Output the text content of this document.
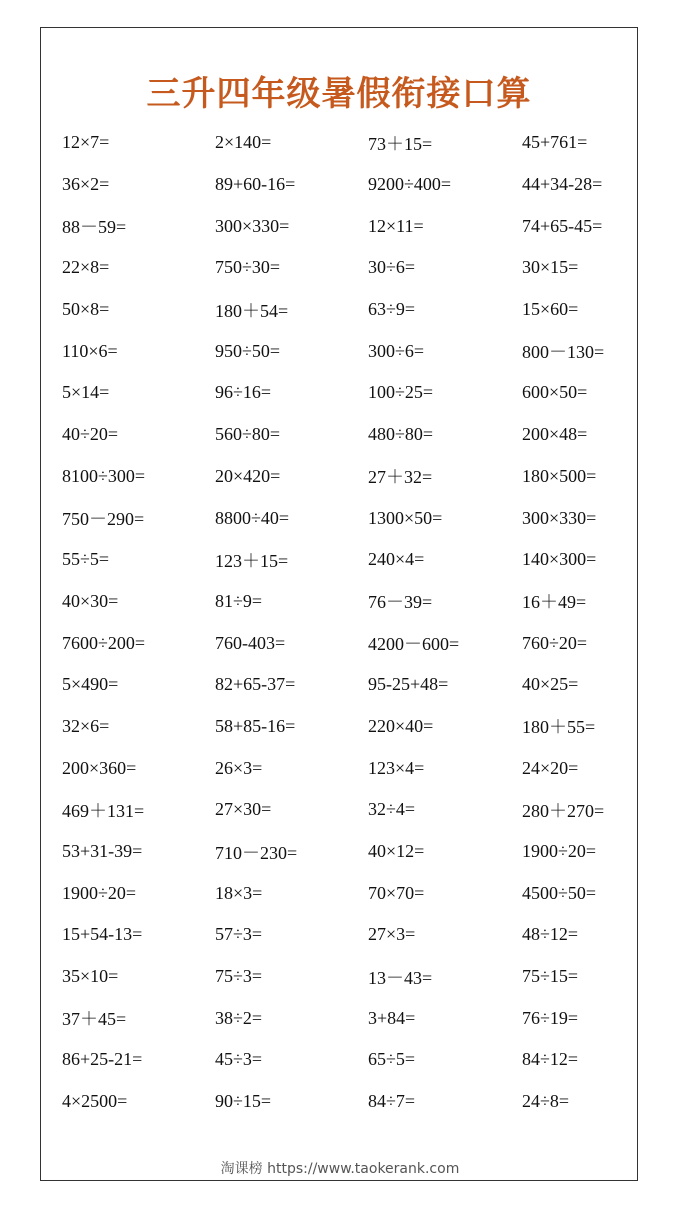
三升四年级暑假衔接口算
12×7=	2×140=	73＋15=	45+761=
36×2=	89+60-16=	9200÷400=	44+34-28=
88－59=	300×330=	12×11=	74+65-45=
22×8=	750÷30=	30÷6=	30×15=
50×8=	180＋54=	63÷9=	15×60=
110×6=	950÷50=	300÷6=	800－130=
5×14=	96÷16=	100÷25=	600×50=
40÷20=	560÷80=	480÷80=	200×48=
8100÷300=	20×420=	27＋32=	180×500=
750－290=	8800÷40=	1300×50=	300×330=
55÷5=	123＋15=	240×4=	140×300=
40×30=	81÷9=	76－39=	16＋49=
7600÷200=	760-403=	4200－600=	760÷20=
5×490=	82+65-37=	95-25+48=	40×25=
32×6=	58+85-16=	220×40=	180＋55=
200×360=	26×3=	123×4=	24×20=
469＋131=	27×30=	32÷4=	280＋270=
53+31-39=	710－230=	40×12=	1900÷20=
1900÷20=	18×3=	70×70=	4500÷50=
15+54-13=	57÷3=	27×3=	48÷12=
35×10=	75÷3=	13－43=	75÷15=
37＋45=	38÷2=	3+84=	76÷19=
86+25-21=	45÷3=	65÷5=	84÷12=
4×2500=	90÷15=	84÷7=	24÷8=
淘课榜 https://www.taokerank.com
